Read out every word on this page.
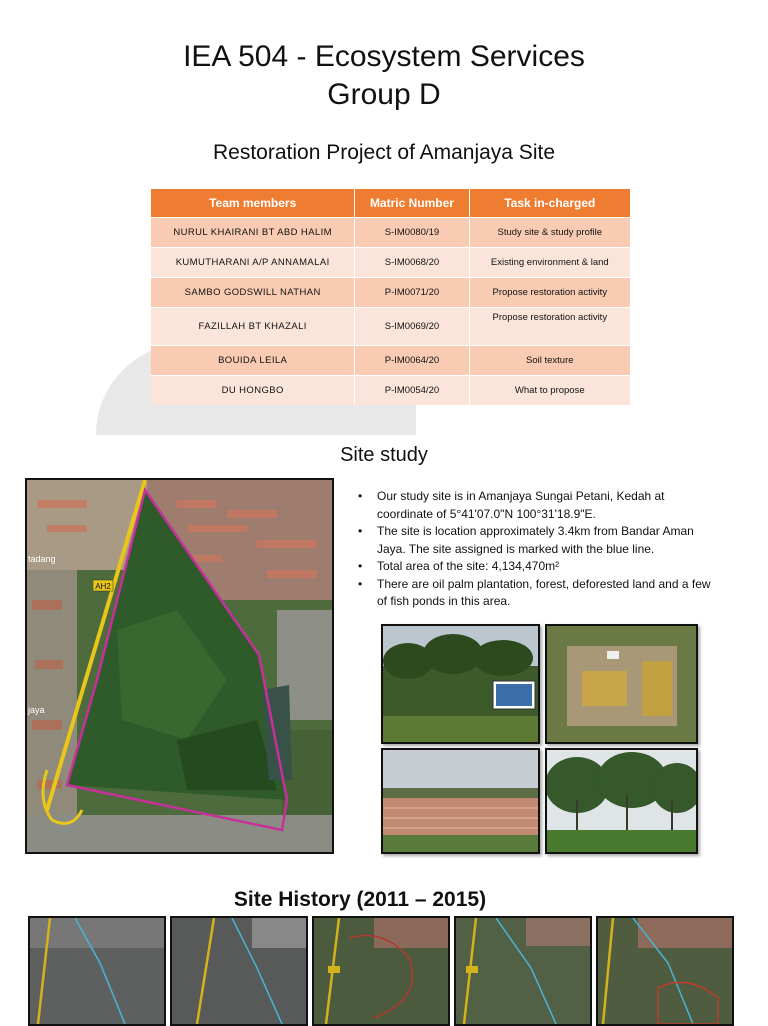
IEA 504 - Ecosystem Services
Group D
Restoration Project of Amanjaya Site
Team members	Matric Number	Task in-charged
NURUL KHAIRANI BT ABD HALIM	S-IM0080/19	Study site & study profile
KUMUTHARANI A/P ANNAMALAI	S-IM0068/20	Existing environment & land
SAMBO GODSWILL NATHAN	P-IM0071/20	Propose restoration activity
FAZILLAH BT KHAZALI	S-IM0069/20	Propose restoration activity
BOUIDA LEILA	P-IM0064/20	Soil texture
DU HONGBO	P-IM0054/20	What to propose
Site study
AH2
tadang
jaya
• Our study site is in Amanjaya Sungai Petani, Kedah at coordinate of 5°41'07.0"N 100°31'18.9"E.
• The site is location approximately 3.4km from Bandar Aman Jaya. The site assigned is marked with the blue line.
• Total area of the site: 4,134,470m²
• There are oil palm plantation, forest, deforested land and a few of fish ponds in this area.
Site History (2011 – 2015)
